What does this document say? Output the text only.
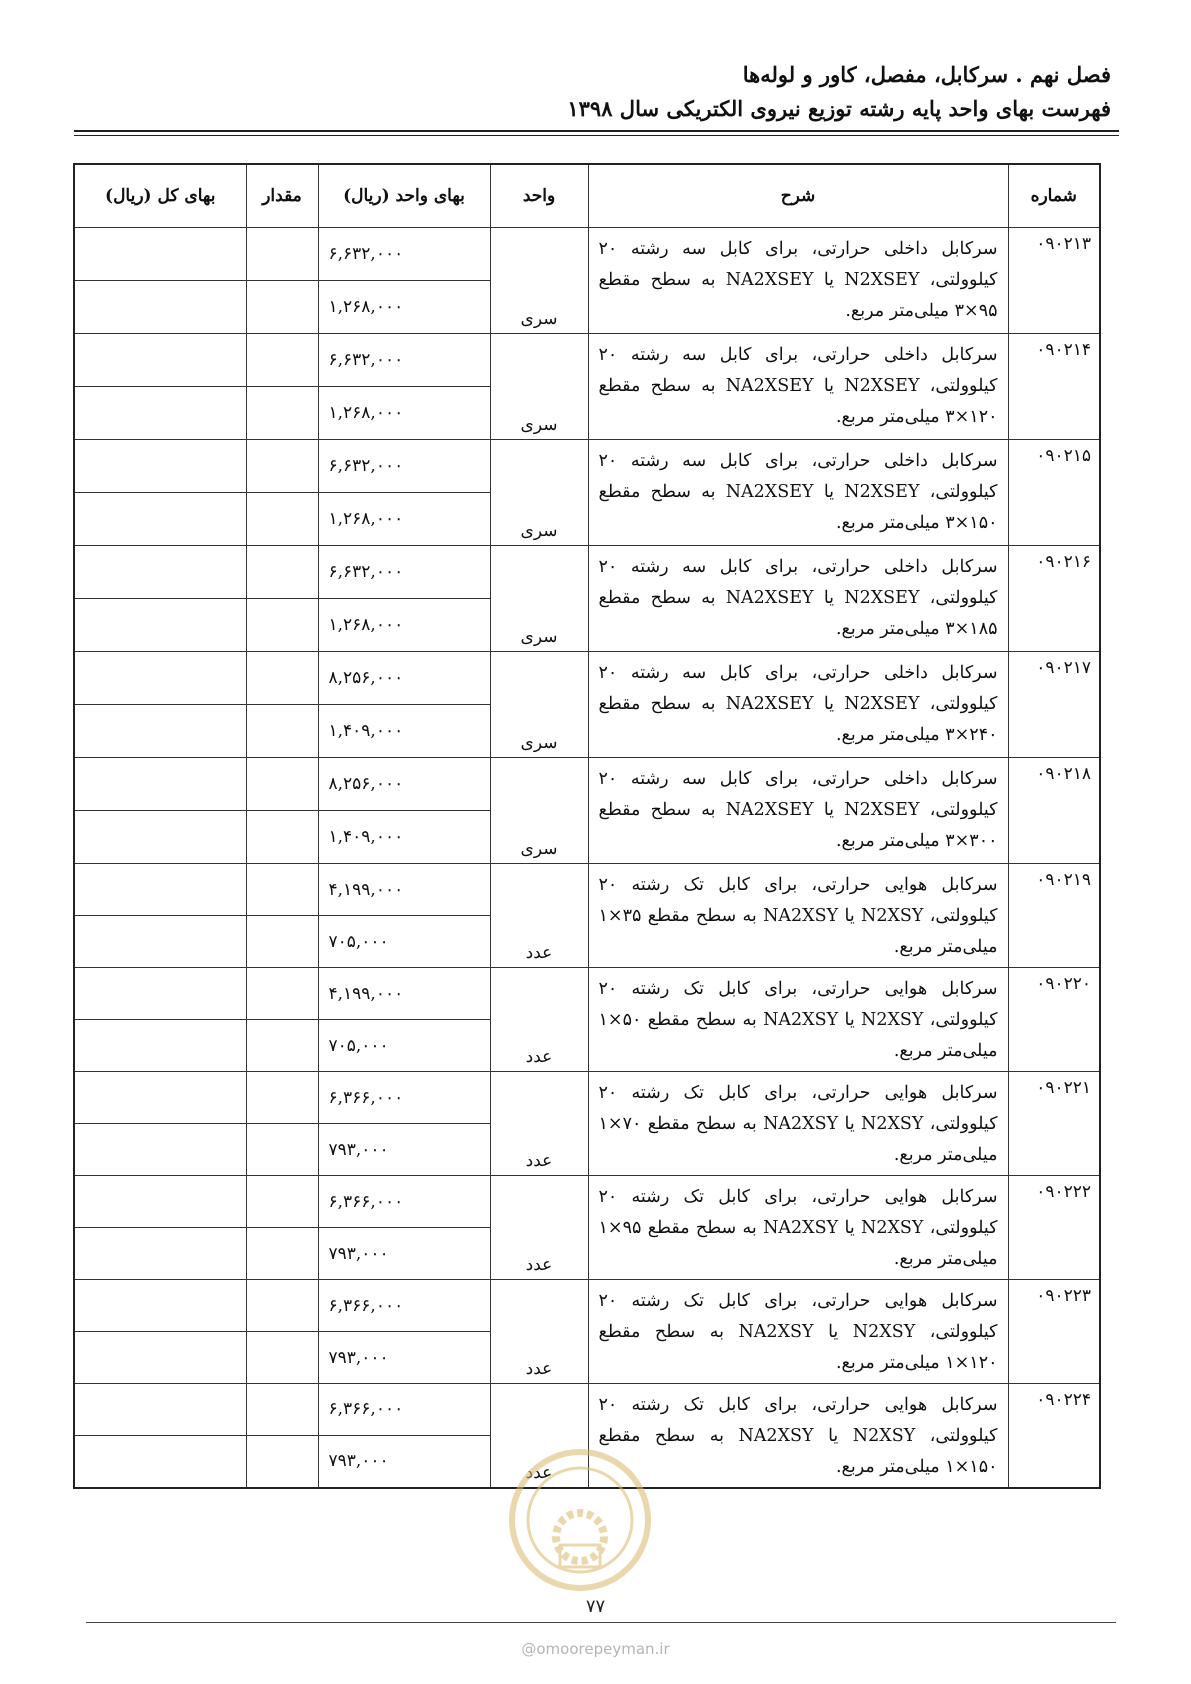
فصل نهم . سرکابل، مفصل، کاور و لوله‌ها
فهرست بهای واحد پایه رشته توزیع نیروی الکتریکی سال ۱۳۹۸
شماره	شرح	واحد	بهای واحد (ریال)	مقدار	بهای کل (ریال)
۰۹۰۲۱۳	سرکابل داخلی حرارتی، برای کابل سه رشته ۲۰ کیلوولتی، N2XSEY یا NA2XSEY به سطح مقطع ۹۵×۳ میلی‌متر مربع.	سری	۶,۶۳۲,۰۰۰		
			۱,۲۶۸,۰۰۰		
۰۹۰۲۱۴	سرکابل داخلی حرارتی، برای کابل سه رشته ۲۰ کیلوولتی، N2XSEY یا NA2XSEY به سطح مقطع ۱۲۰×۳ میلی‌متر مربع.	سری	۶,۶۳۲,۰۰۰		
			۱,۲۶۸,۰۰۰		
۰۹۰۲۱۵	سرکابل داخلی حرارتی، برای کابل سه رشته ۲۰ کیلوولتی، N2XSEY یا NA2XSEY به سطح مقطع ۱۵۰×۳ میلی‌متر مربع.	سری	۶,۶۳۲,۰۰۰		
			۱,۲۶۸,۰۰۰		
۰۹۰۲۱۶	سرکابل داخلی حرارتی، برای کابل سه رشته ۲۰ کیلوولتی، N2XSEY یا NA2XSEY به سطح مقطع ۱۸۵×۳ میلی‌متر مربع.	سری	۶,۶۳۲,۰۰۰		
			۱,۲۶۸,۰۰۰		
۰۹۰۲۱۷	سرکابل داخلی حرارتی، برای کابل سه رشته ۲۰ کیلوولتی، N2XSEY یا NA2XSEY به سطح مقطع ۲۴۰×۳ میلی‌متر مربع.	سری	۸,۲۵۶,۰۰۰		
			۱,۴۰۹,۰۰۰		
۰۹۰۲۱۸	سرکابل داخلی حرارتی، برای کابل سه رشته ۲۰ کیلوولتی، N2XSEY یا NA2XSEY به سطح مقطع ۳۰۰×۳ میلی‌متر مربع.	سری	۸,۲۵۶,۰۰۰		
			۱,۴۰۹,۰۰۰		
۰۹۰۲۱۹	سرکابل هوایی حرارتی، برای کابل تک رشته ۲۰ کیلوولتی، N2XSY یا NA2XSY به سطح مقطع ۳۵×۱ میلی‌متر مربع.	عدد	۴,۱۹۹,۰۰۰		
			۷۰۵,۰۰۰		
۰۹۰۲۲۰	سرکابل هوایی حرارتی، برای کابل تک رشته ۲۰ کیلوولتی، N2XSY یا NA2XSY به سطح مقطع ۵۰×۱ میلی‌متر مربع.	عدد	۴,۱۹۹,۰۰۰		
			۷۰۵,۰۰۰		
۰۹۰۲۲۱	سرکابل هوایی حرارتی، برای کابل تک رشته ۲۰ کیلوولتی، N2XSY یا NA2XSY به سطح مقطع ۷۰×۱ میلی‌متر مربع.	عدد	۶,۳۶۶,۰۰۰		
			۷۹۳,۰۰۰		
۰۹۰۲۲۲	سرکابل هوایی حرارتی، برای کابل تک رشته ۲۰ کیلوولتی، N2XSY یا NA2XSY به سطح مقطع ۹۵×۱ میلی‌متر مربع.	عدد	۶,۳۶۶,۰۰۰		
			۷۹۳,۰۰۰		
۰۹۰۲۲۳	سرکابل هوایی حرارتی، برای کابل تک رشته ۲۰ کیلوولتی، N2XSY یا NA2XSY به سطح مقطع ۱۲۰×۱ میلی‌متر مربع.	عدد	۶,۳۶۶,۰۰۰		
			۷۹۳,۰۰۰		
۰۹۰۲۲۴	سرکابل هوایی حرارتی، برای کابل تک رشته ۲۰ کیلوولتی، N2XSY یا NA2XSY به سطح مقطع ۱۵۰×۱ میلی‌متر مربع.	عدد	۶,۳۶۶,۰۰۰		
			۷۹۳,۰۰۰		
۷۷
@omoorepeyman.ir
